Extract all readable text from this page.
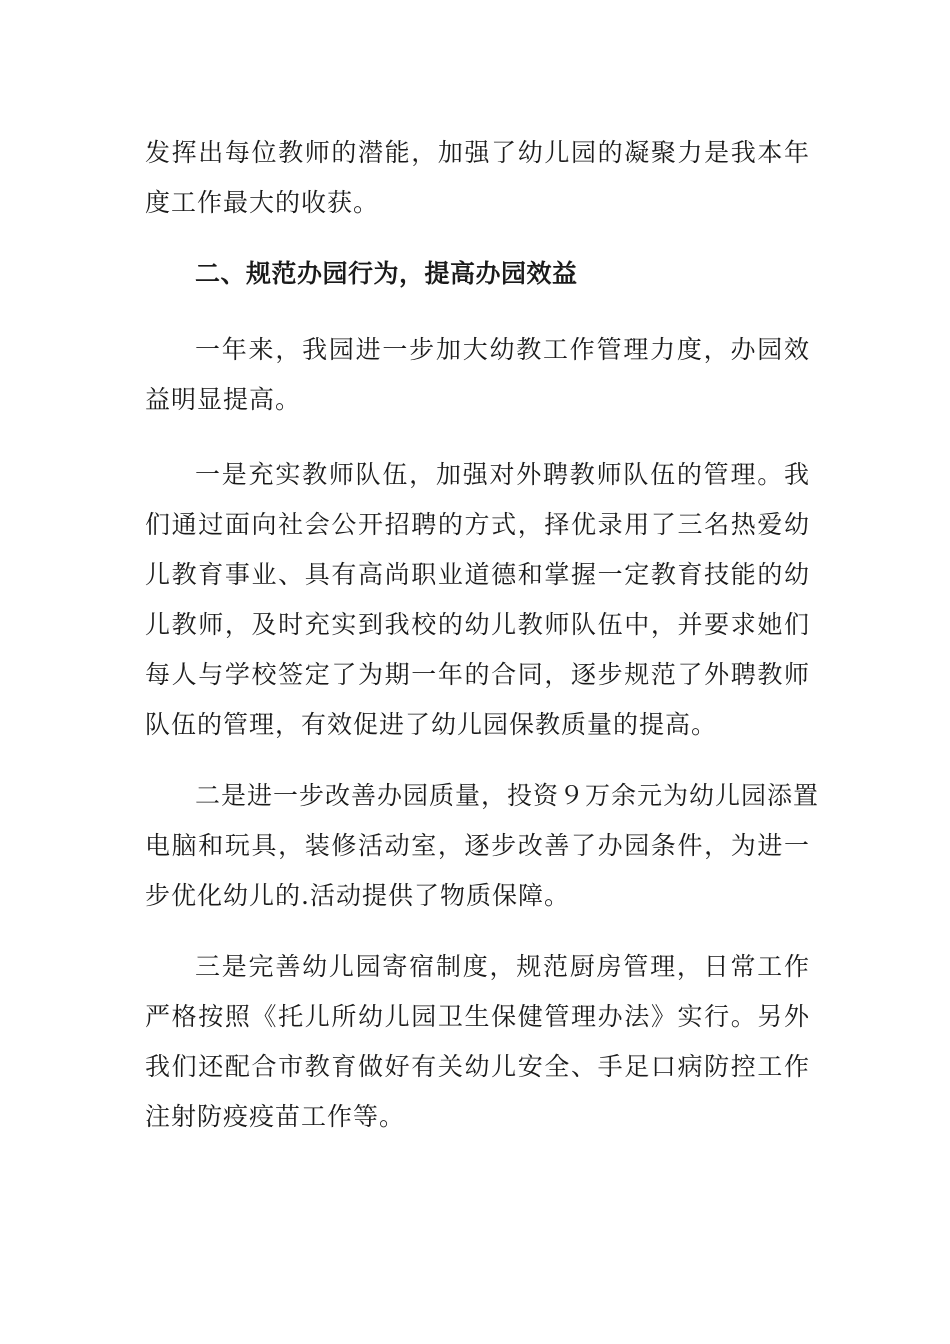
发挥出每位教师的潜能，加强了幼儿园的凝聚力是我本年
度工作最大的收获。
二、规范办园行为，提高办园效益
一年来，我园进一步加大幼教工作管理力度，办园效
益明显提高。
一是充实教师队伍，加强对外聘教师队伍的管理。我
们通过面向社会公开招聘的方式，择优录用了三名热爱幼
儿教育事业、具有高尚职业道德和掌握一定教育技能的幼
儿教师，及时充实到我校的幼儿教师队伍中，并要求她们
每人与学校签定了为期一年的合同，逐步规范了外聘教师
队伍的管理，有效促进了幼儿园保教质量的提高。
二是进一步改善办园质量，投资９万余元为幼儿园添置
电脑和玩具，装修活动室，逐步改善了办园条件，为进一
步优化幼儿的.活动提供了物质保障。
三是完善幼儿园寄宿制度，规范厨房管理，日常工作
严格按照《托儿所幼儿园卫生保健管理办法》实行。另外
我们还配合市教育做好有关幼儿安全、手足口病防控工作
注射防疫疫苗工作等。
